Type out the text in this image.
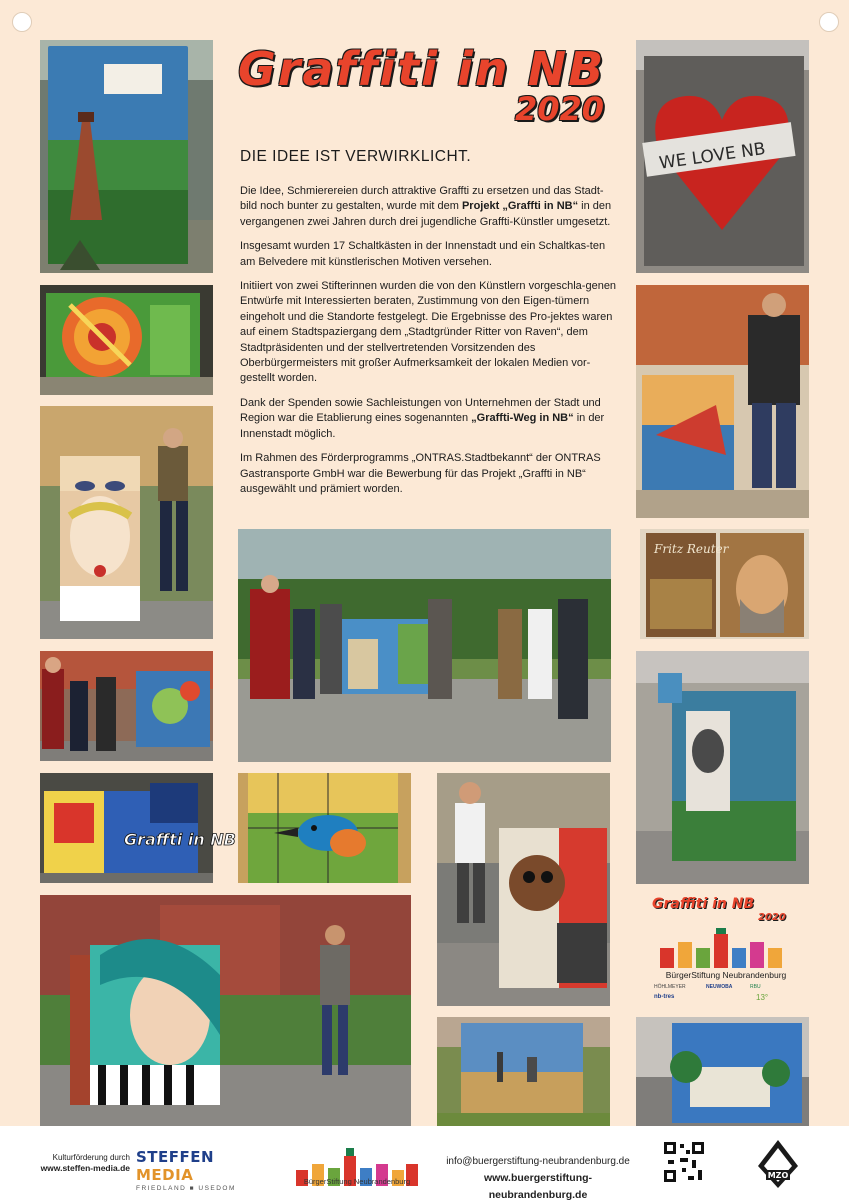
Graffiti in NB
2020
DIE IDEE IST VERWIRKLICHT.

Die Idee, Schmierereien durch attraktive Graffti zu ersetzen und das Stadt-bild noch bunter zu gestalten, wurde mit dem Projekt „Graffti in NB“ in den vergangenen zwei Jahren durch drei jugendliche Graffti-Künstler umgesetzt.

Insgesamt wurden 17 Schaltkästen in der Innenstadt und ein Schaltkas-ten am Belvedere mit künstlerischen Motiven versehen.

Initiiert von zwei Stifterinnen wurden die von den Künstlern vorgeschla-genen Entwürfe mit Interessierten beraten, Zustimmung von den Eigen-tümern eingeholt und die Standorte festgelegt. Die Ergebnisse des Pro-jektes waren auf einem Stadtspaziergang dem „Stadtgründer Ritter von Raven“, dem Stadtpräsidenten und der stellvertretenden Vorsitzenden des Oberbürgermeisters mit großer Aufmerksamkeit der lokalen Medien vor-gestellt worden.

Dank der Spenden sowie Sachleistungen von Unternehmen der Stadt und Region war die Etablierung eines sogenannten „Graffti-Weg in NB“ in der Innenstadt möglich.

Im Rahmen des Förderprogramms „ONTRAS.Stadtbekannt“ der ONTRAS Gastransporte GmbH war die Bewerbung für das Projekt „Graffti in NB“ ausgewählt und prämiert worden.

Graffti in NB
WE LOVE NB
Fritz Reuter
Graffiti in NB
2020
BürgerStiftung Neubrandenburg
HÖHLMEYER
nb-tres
NEUWOBA	RBU
13°
Kulturförderung durch
www.steffen-media.de
STEFFEN MEDIA
FRIEDLAND ■ USEDOM
BürgerStiftung Neubrandenburg
info@buergerstiftung-neubrandenburg.de
www.buergerstiftung-neubrandenburg.de
MZO
